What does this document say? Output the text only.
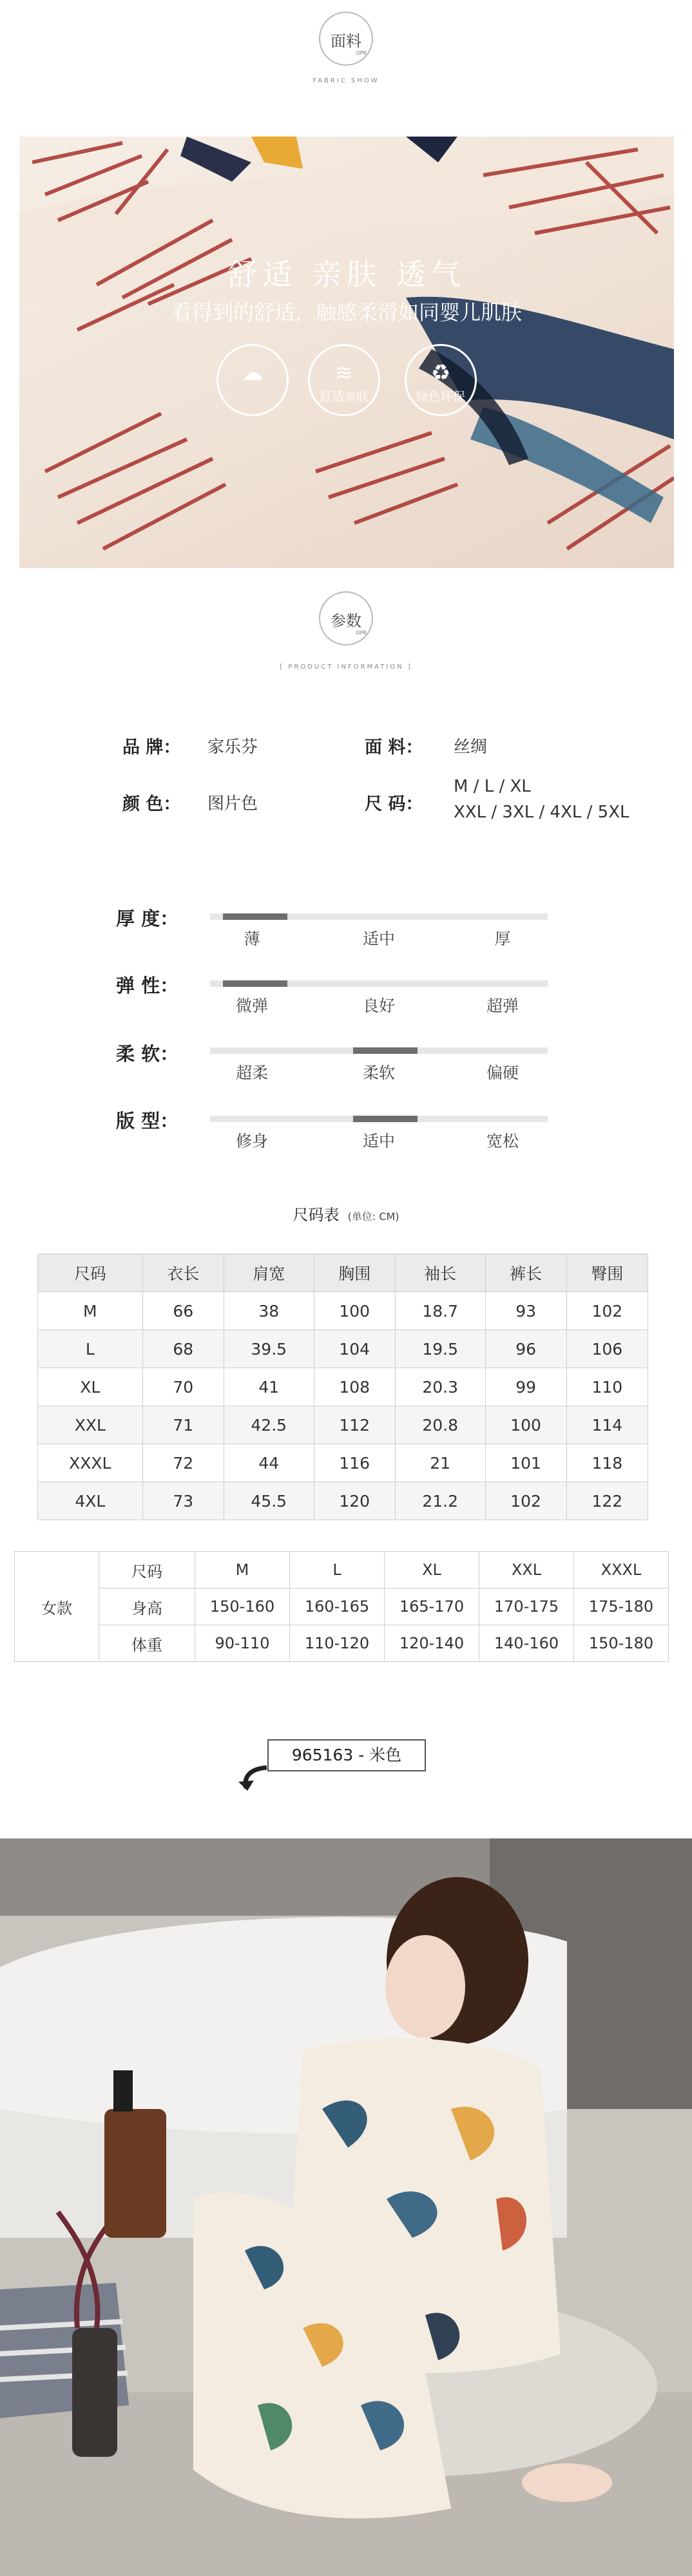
面料
OPR
FABRIC SHOW
舒适 亲肤 透气
看得到的舒适，触感柔滑如同婴儿肌肤
☁	≋
舒适亲肤
♻
绿色环保
参数
OPR
[ PRODUCT INFORMATION ]
品 牌： 家乐芬	面 料： 丝绸
颜 色： 图片色	尺 码：
M / L / XL
XXL / 3XL / 4XL / 5XL
厚 度：
薄	适中	厚
弹 性：
微弹	良好	超弹
柔 软：
超柔	柔软	偏硬
版 型：
修身	适中	宽松
尺码表 (单位: CM)
尺码	衣长	肩宽	胸围	袖长	裤长	臀围
M	66	38	100	18.7	93	102
L	68	39.5	104	19.5	96	106
XL	70	41	108	20.3	99	110
XXL	71	42.5	112	20.8	100	114
XXXL	72	44	116	21	101	118
4XL	73	45.5	120	21.2	102	122
女款	尺码	M	L	XL	XXL	XXXL
	身高	150-160	160-165	165-170	170-175	175-180
	体重	90-110	110-120	120-140	140-160	150-180
965163 - 米色
